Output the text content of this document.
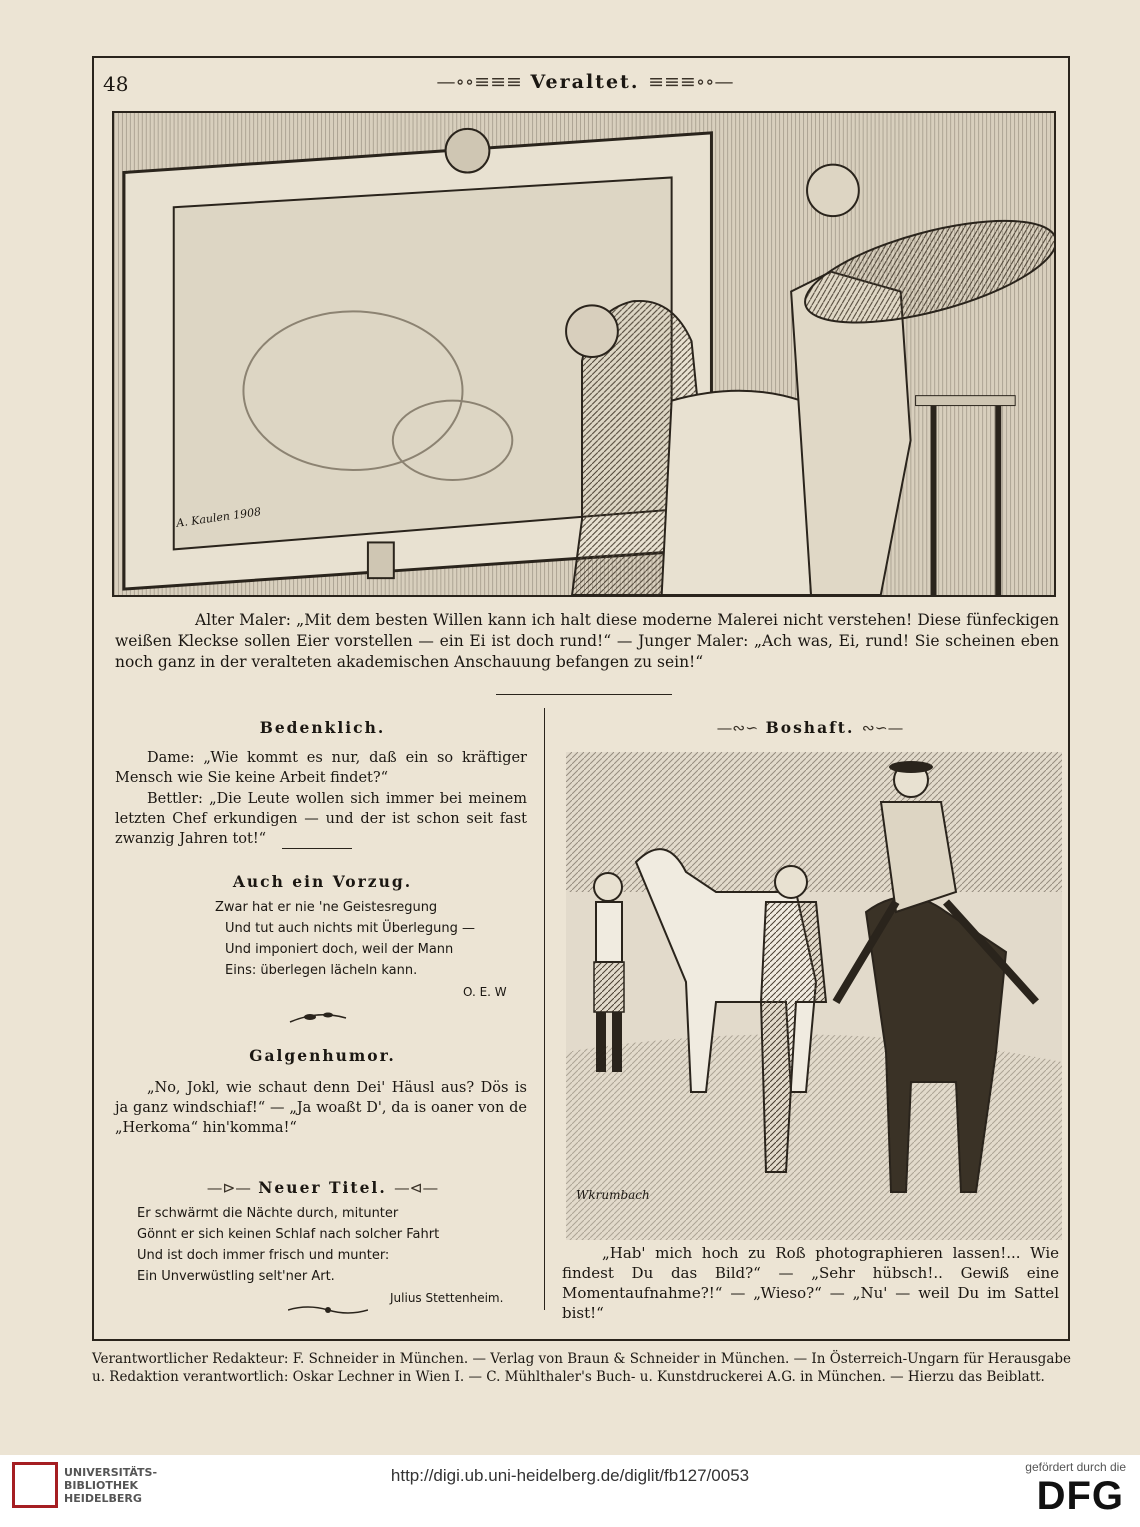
48	—∘∘≡≡≡ Veraltet. ≡≡≡∘∘—
A. Kaulen 1908
Alter Maler: „Mit dem besten Willen kann ich halt diese moderne Malerei nicht verstehen! Diese fünfeckigen weißen Kleckse sollen Eier vorstellen — ein Ei ist doch rund!“ — Junger Maler: „Ach was, Ei, rund! Sie scheinen eben noch ganz in der veralteten akademischen Anschauung befangen zu sein!“
Bedenklich.
Dame: „Wie kommt es nur, daß ein so kräftiger Mensch wie Sie keine Arbeit findet?“
Bettler: „Die Leute wollen sich immer bei meinem letzten Chef erkundigen — und der ist schon seit fast zwanzig Jahren tot!“
Auch ein Vorzug.
Zwar hat er nie 'ne Geistesregung
Und tut auch nichts mit Überlegung —
Und imponiert doch, weil der Mann
Eins: überlegen lächeln kann.
O. E. W
Galgenhumor.
„No, Jokl, wie schaut denn Dei' Häusl aus? Dös is ja ganz windschiaf!“ — „Ja woaßt D', da is oaner von de „Herkoma“ hin'komma!“
—⊳— Neuer Titel. —⊲—
Er schwärmt die Nächte durch, mitunter
Gönnt er sich keinen Schlaf nach solcher Fahrt
Und ist doch immer frisch und munter:
Ein Unverwüstling selt'ner Art.
Julius Stettenheim.
—∾∽ Boshaft. ∾∽—
Wkrumbach
„Hab' mich hoch zu Roß photographieren lassen!... Wie findest Du das Bild?“ — „Sehr hübsch!.. Gewiß eine Momentaufnahme?!“ — „Wieso?“ — „Nu' — weil Du im Sattel bist!“
Verantwortlicher Redakteur: F. Schneider in München. — Verlag von Braun & Schneider in München. — In Österreich-Ungarn für Herausgabe
u. Redaktion verantwortlich: Oskar Lechner in Wien I. — C. Mühlthaler's Buch- u. Kunstdruckerei A.G. in München. — Hierzu das Beiblatt.
UNIVERSITÄTS-
BIBLIOTHEK
HEIDELBERG
http://digi.ub.uni-heidelberg.de/diglit/fb127/0053	gefördert durch die
DFG
